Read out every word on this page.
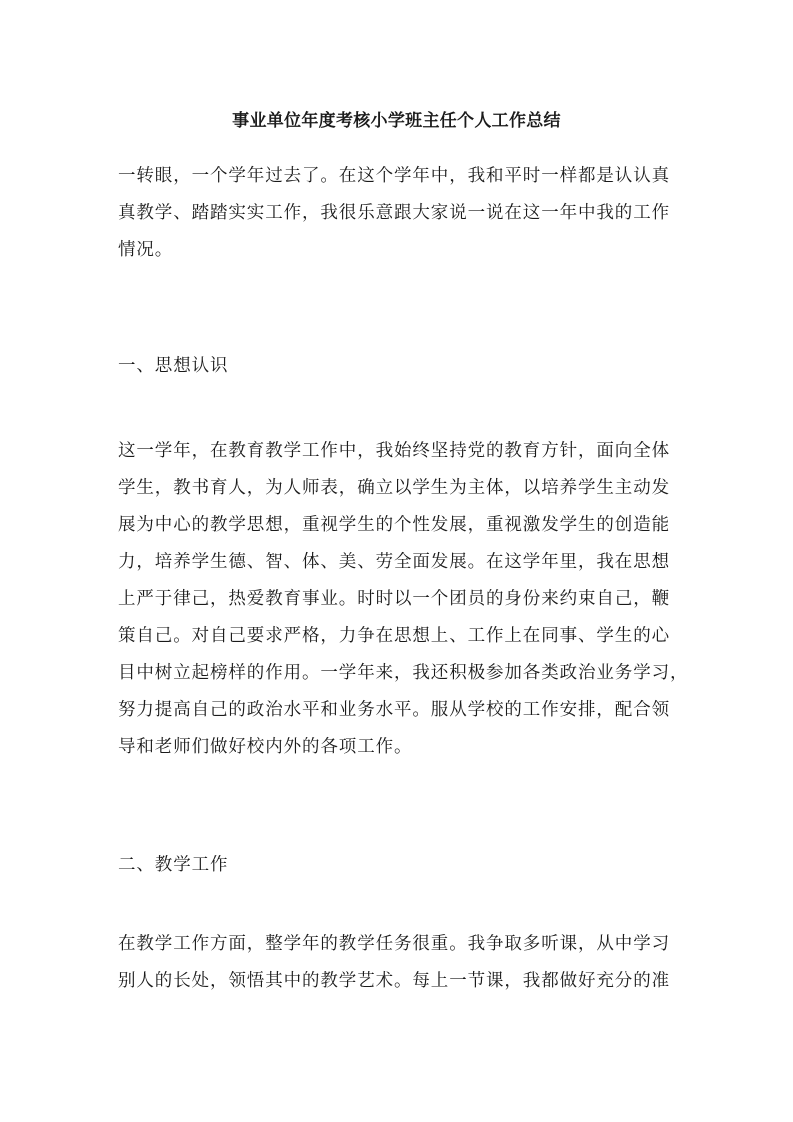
事业单位年度考核小学班主任个人工作总结
一转眼，一个学年过去了。在这个学年中，我和平时一样都是认认真
真教学、踏踏实实工作，我很乐意跟大家说一说在这一年中我的工作
情况。
一、思想认识
这一学年，在教育教学工作中，我始终坚持党的教育方针，面向全体
学生，教书育人，为人师表，确立以学生为主体，以培养学生主动发
展为中心的教学思想，重视学生的个性发展，重视激发学生的创造能
力，培养学生德、智、体、美、劳全面发展。在这学年里，我在思想
上严于律己，热爱教育事业。时时以一个团员的身份来约束自己，鞭
策自己。对自己要求严格，力争在思想上、工作上在同事、学生的心
目中树立起榜样的作用。一学年来，我还积极参加各类政治业务学习，
努力提高自己的政治水平和业务水平。服从学校的工作安排，配合领
导和老师们做好校内外的各项工作。
二、教学工作
在教学工作方面，整学年的教学任务很重。我争取多听课，从中学习
别人的长处，领悟其中的教学艺术。每上一节课，我都做好充分的准
